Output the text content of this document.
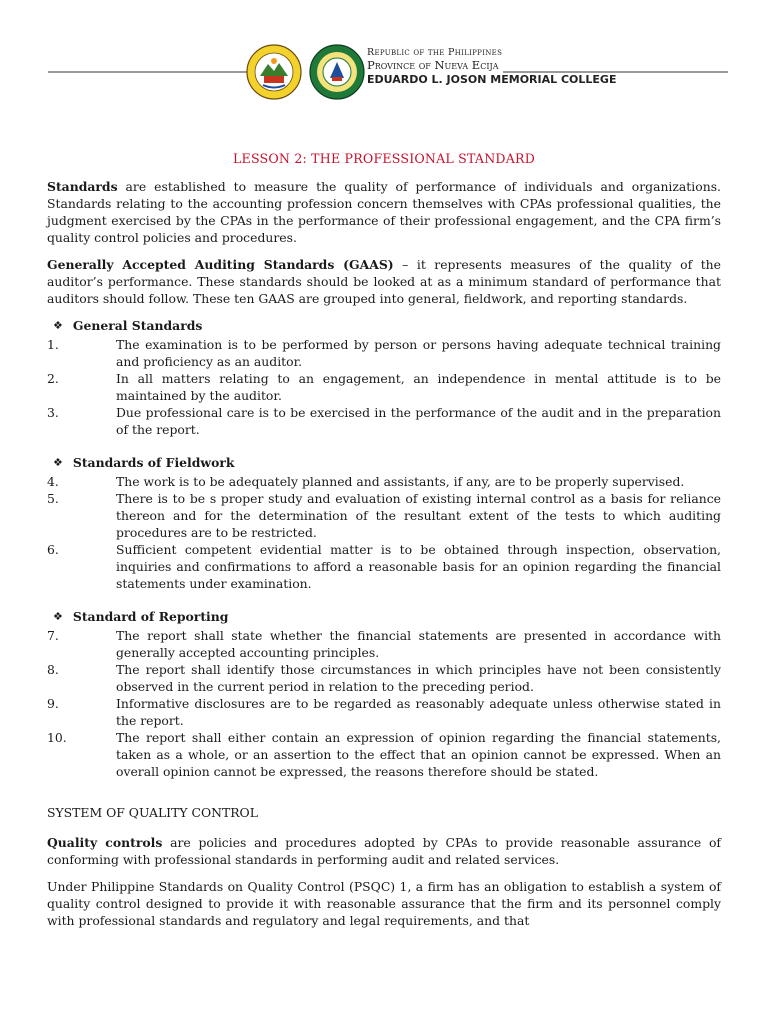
Republic of the Philippines
Province of Nueva Ecija
EDUARDO L. JOSON MEMORIAL COLLEGE

LESSON 2: THE PROFESSIONAL STANDARD

Standards are established to measure the quality of performance of individuals and organizations. Standards relating to the accounting profession concern themselves with CPAs professional qualities, the judgment exercised by the CPAs in the performance of their professional engagement, and the CPA firm’s quality control policies and procedures.

Generally Accepted Auditing Standards (GAAS) – it represents measures of the quality of the auditor’s performance. These standards should be looked at as a minimum standard of performance that auditors should follow. These ten GAAS are grouped into general, fieldwork, and reporting standards.

❖ General Standards
1.	The examination is to be performed by person or persons having adequate technical training and proficiency as an auditor.
2.	In all matters relating to an engagement, an independence in mental attitude is to be maintained by the auditor.
3.	Due professional care is to be exercised in the performance of the audit and in the preparation of the report.
❖ Standards of Fieldwork
4.	The work is to be adequately planned and assistants, if any, are to be properly supervised.
5.	There is to be s proper study and evaluation of existing internal control as a basis for reliance thereon and for the determination of the resultant extent of the tests to which auditing procedures are to be restricted.
6.	Sufficient competent evidential matter is to be obtained through inspection, observation, inquiries and confirmations to afford a reasonable basis for an opinion regarding the financial statements under examination.
❖ Standard of Reporting
7.	The report shall state whether the financial statements are presented in accordance with generally accepted accounting principles.
8.	The report shall identify those circumstances in which principles have not been consistently observed in the current period in relation to the preceding period.
9.	Informative disclosures are to be regarded as reasonably adequate unless otherwise stated in the report.
10.	The report shall either contain an expression of opinion regarding the financial statements, taken as a whole, or an assertion to the effect that an opinion cannot be expressed. When an overall opinion cannot be expressed, the reasons therefore should be stated.

SYSTEM OF QUALITY CONTROL

Quality controls are policies and procedures adopted by CPAs to provide reasonable assurance of conforming with professional standards in performing audit and related services.

Under Philippine Standards on Quality Control (PSQC) 1, a firm has an obligation to establish a system of quality control designed to provide it with reasonable assurance that the firm and its personnel comply with professional standards and regulatory and legal requirements, and that
